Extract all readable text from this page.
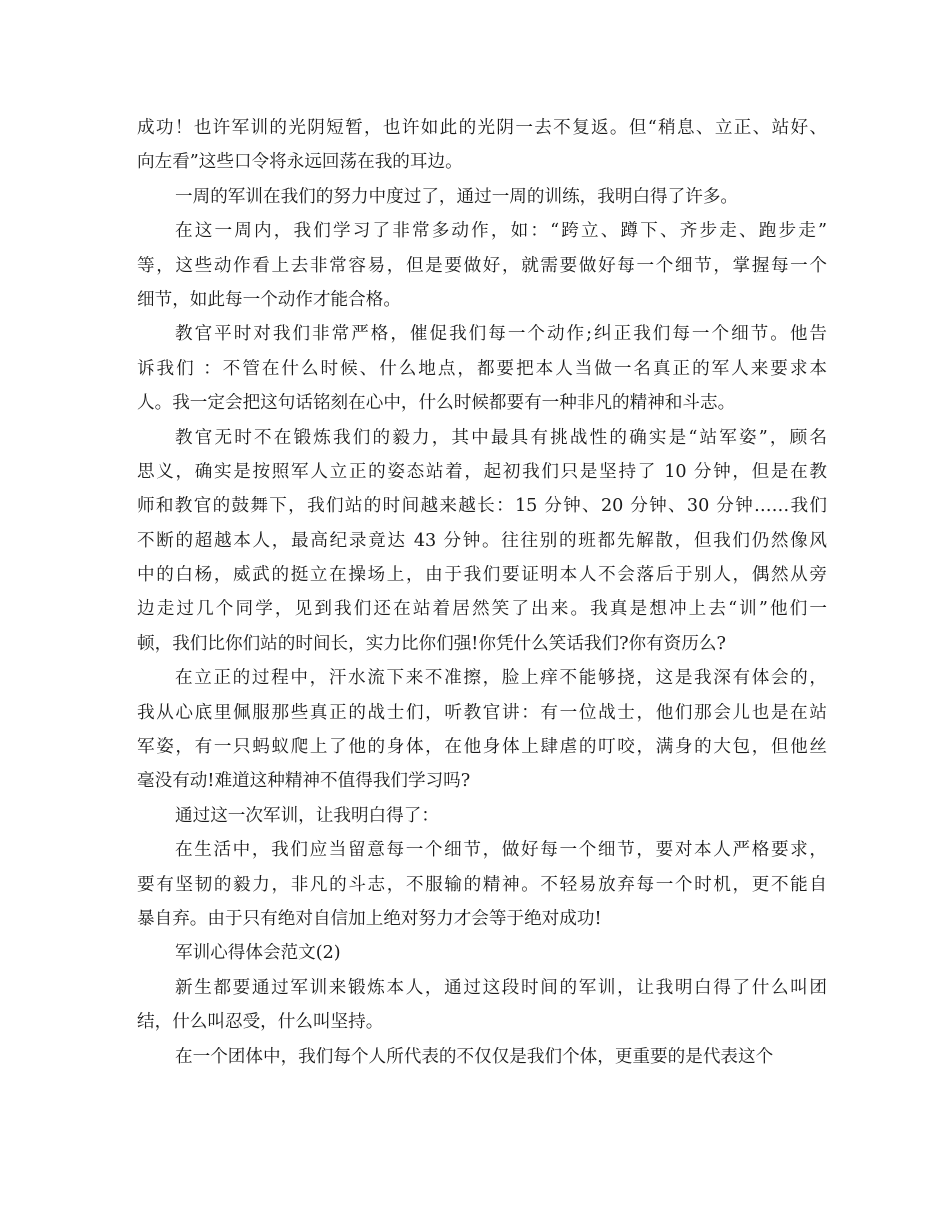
成功！也许军训的光阴短暂，也许如此的光阴一去不复返。但“稍息、立正、站好、
向左看”这些口令将永远回荡在我的耳边。
一周的军训在我们的努力中度过了，通过一周的训练，我明白得了许多。
在这一周内，我们学习了非常多动作，如：“跨立、蹲下、齐步走、跑步走”
等，这些动作看上去非常容易，但是要做好，就需要做好每一个细节，掌握每一个
细节，如此每一个动作才能合格。
教官平时对我们非常严格，催促我们每一个动作;纠正我们每一个细节。他告
诉我们 ：不管在什么时候、什么地点，都要把本人当做一名真正的军人来要求本
人。我一定会把这句话铭刻在心中，什么时候都要有一种非凡的精神和斗志。
教官无时不在锻炼我们的毅力，其中最具有挑战性的确实是“站军姿”，顾名
思义，确实是按照军人立正的姿态站着，起初我们只是坚持了 10 分钟，但是在教
师和教官的鼓舞下，我们站的时间越来越长：15 分钟、20 分钟、30 分钟……我们
不断的超越本人，最高纪录竟达 43 分钟。往往别的班都先解散，但我们仍然像风
中的白杨，威武的挺立在操场上，由于我们要证明本人不会落后于别人，偶然从旁
边走过几个同学，见到我们还在站着居然笑了出来。我真是想冲上去“训”他们一
顿，我们比你们站的时间长，实力比你们强!你凭什么笑话我们?你有资历么?
在立正的过程中，汗水流下来不准擦，脸上痒不能够挠，这是我深有体会的，
我从心底里佩服那些真正的战士们，听教官讲：有一位战士，他们那会儿也是在站
军姿，有一只蚂蚁爬上了他的身体，在他身体上肆虐的叮咬，满身的大包，但他丝
毫没有动!难道这种精神不值得我们学习吗?
通过这一次军训，让我明白得了：
在生活中，我们应当留意每一个细节，做好每一个细节，要对本人严格要求，
要有坚韧的毅力，非凡的斗志，不服输的精神。不轻易放弃每一个时机，更不能自
暴自弃。由于只有绝对自信加上绝对努力才会等于绝对成功!
军训心得体会范文(2)
新生都要通过军训来锻炼本人，通过这段时间的军训，让我明白得了什么叫团
结，什么叫忍受，什么叫坚持。
在一个团体中，我们每个人所代表的不仅仅是我们个体，更重要的是代表这个
